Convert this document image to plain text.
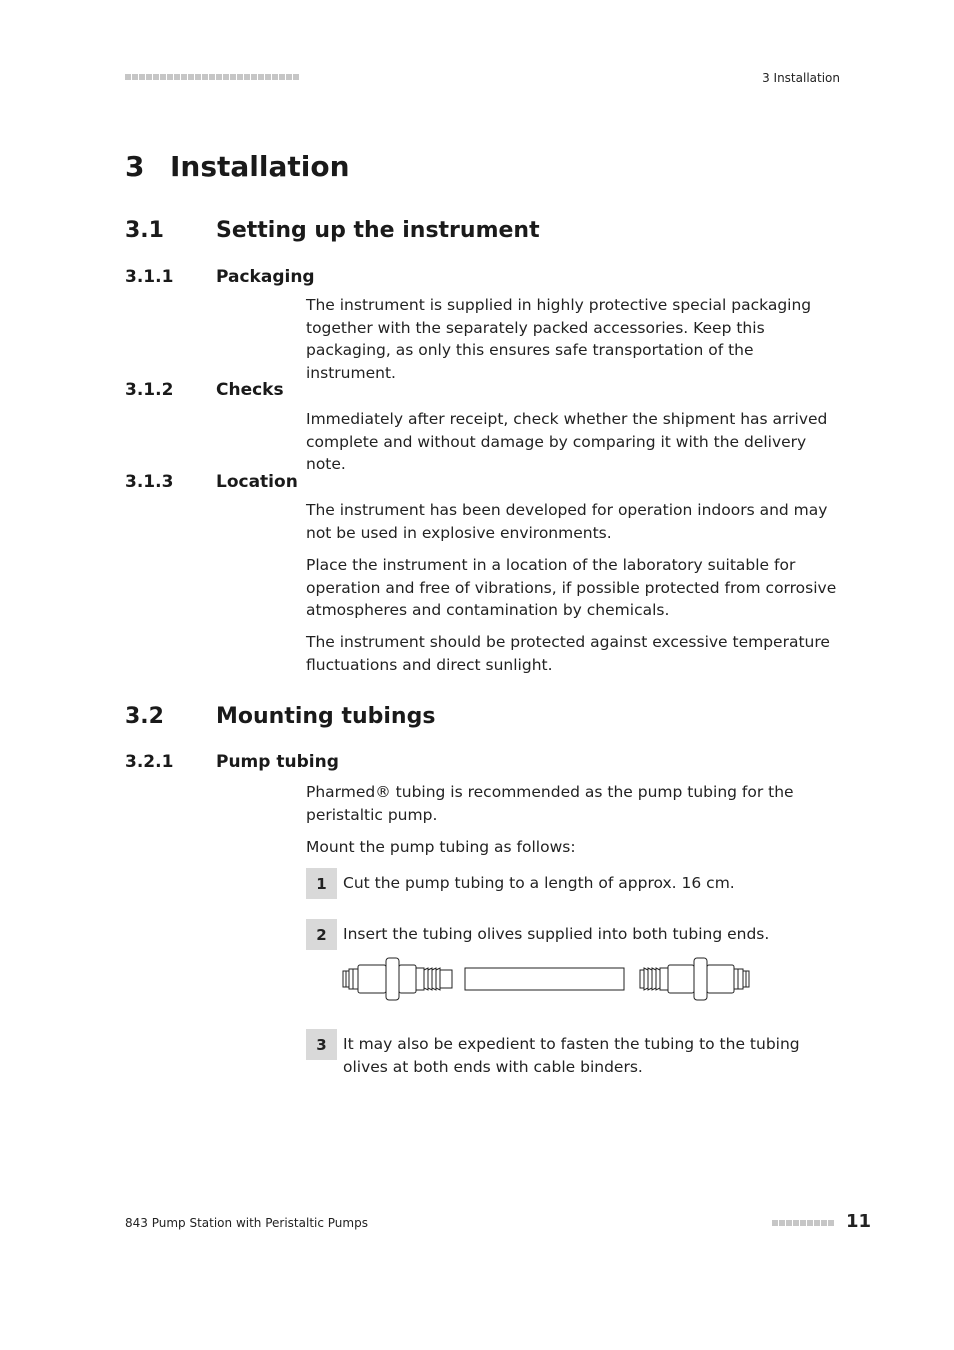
3 Installation
3 Installation
3.1	Setting up the instrument
3.1.1	Packaging
The instrument is supplied in highly protective special packaging together with the separately packed accessories. Keep this packaging, as only this ensures safe transportation of the instrument.
3.1.2	Checks
Immediately after receipt, check whether the shipment has arrived complete and without damage by comparing it with the delivery note.
3.1.3	Location
The instrument has been developed for operation indoors and may not be used in explosive environments.
Place the instrument in a location of the laboratory suitable for operation and free of vibrations, if possible protected from corrosive atmospheres and contamination by chemicals.
The instrument should be protected against excessive temperature fluctuations and direct sunlight.
3.2	Mounting tubings
3.2.1	Pump tubing
Pharmed® tubing is recommended as the pump tubing for the peristaltic pump.
Mount the pump tubing as follows:
1	Cut the pump tubing to a length of approx. 16 cm.
2	Insert the tubing olives supplied into both tubing ends.
3	It may also be expedient to fasten the tubing to the tubing olives at both ends with cable binders.
843 Pump Station with Peristaltic Pumps	11
